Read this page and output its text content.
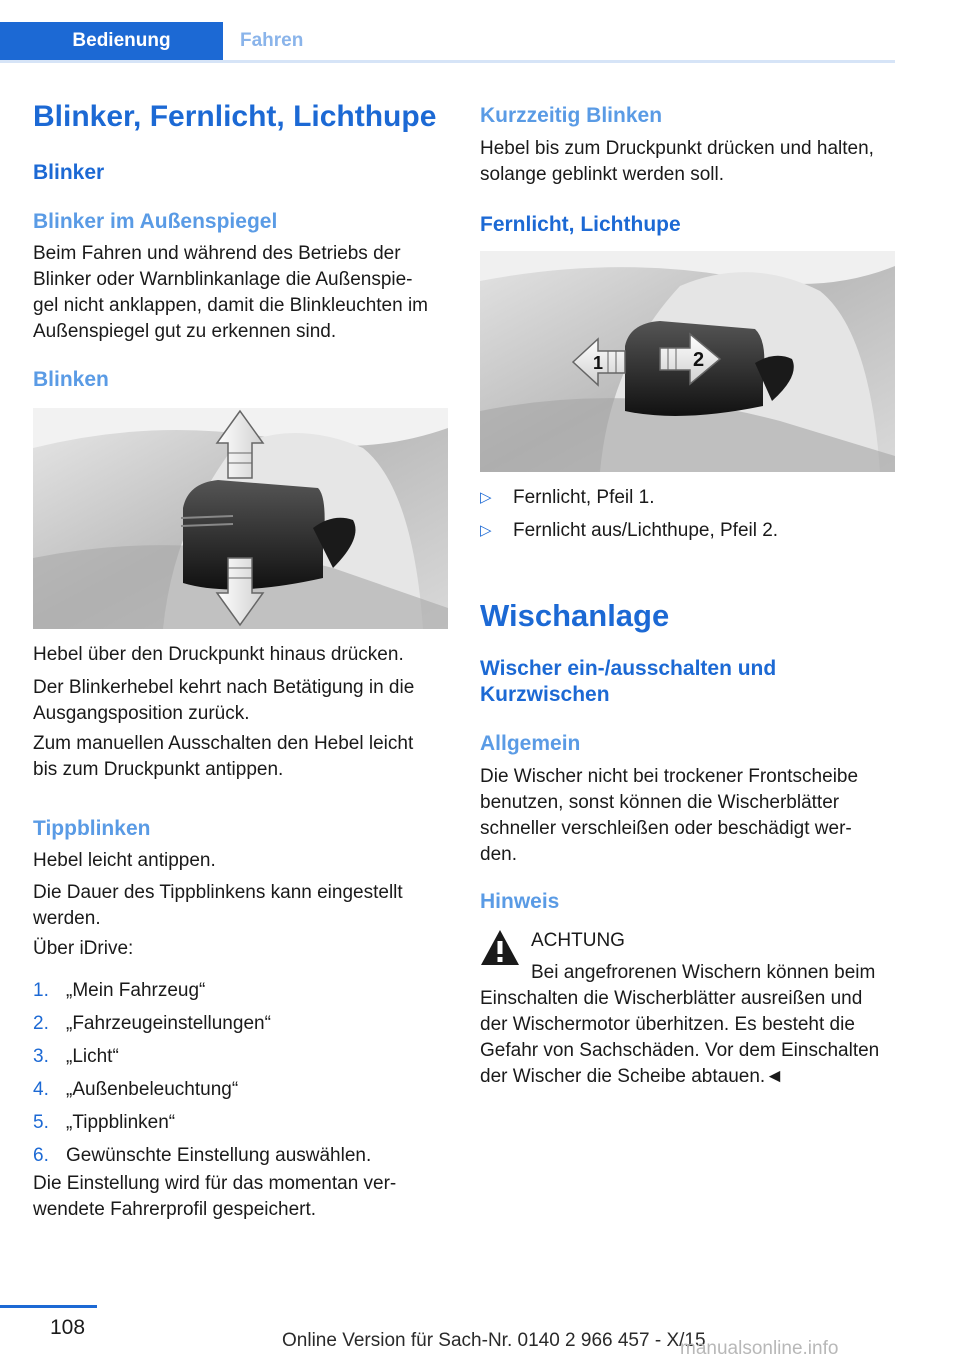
Bedienung	Fahren
Blinker, Fernlicht, Lichthupe
Blinker
Blinker im Außenspiegel
Beim Fahren und während des Betriebs der
Blinker oder Warnblinkanlage die Außenspie-
gel nicht anklappen, damit die Blinkleuchten im
Außenspiegel gut zu erkennen sind.
Blinken
Hebel über den Druckpunkt hinaus drücken.
Der Blinkerhebel kehrt nach Betätigung in die
Ausgangsposition zurück.
Zum manuellen Ausschalten den Hebel leicht
bis zum Druckpunkt antippen.
Tippblinken
Hebel leicht antippen.
Die Dauer des Tippblinkens kann eingestellt
werden.
Über iDrive:
1. „Mein Fahrzeug“
2. „Fahrzeugeinstellungen“
3. „Licht“
4. „Außenbeleuchtung“
5. „Tippblinken“
6. Gewünschte Einstellung auswählen.
Die Einstellung wird für das momentan ver-
wendete Fahrerprofil gespeichert.
Kurzzeitig Blinken
Hebel bis zum Druckpunkt drücken und halten,
solange geblinkt werden soll.
Fernlicht, Lichthupe
1	2
▷ Fernlicht, Pfeil 1.
▷ Fernlicht aus/Lichthupe, Pfeil 2.
Wischanlage
Wischer ein-/ausschalten und
Kurzwischen
Allgemein
Die Wischer nicht bei trockener Frontscheibe
benutzen, sonst können die Wischerblätter
schneller verschleißen oder beschädigt wer-
den.
Hinweis
ACHTUNG
Bei angefrorenen Wischern können beim
Einschalten die Wischerblätter ausreißen und
der Wischermotor überhitzen. Es besteht die
Gefahr von Sachschäden. Vor dem Einschalten
der Wischer die Scheibe abtauen.◄
108
Online Version für Sach-Nr. 0140 2 966 457 - X/15
manualsonline.info
